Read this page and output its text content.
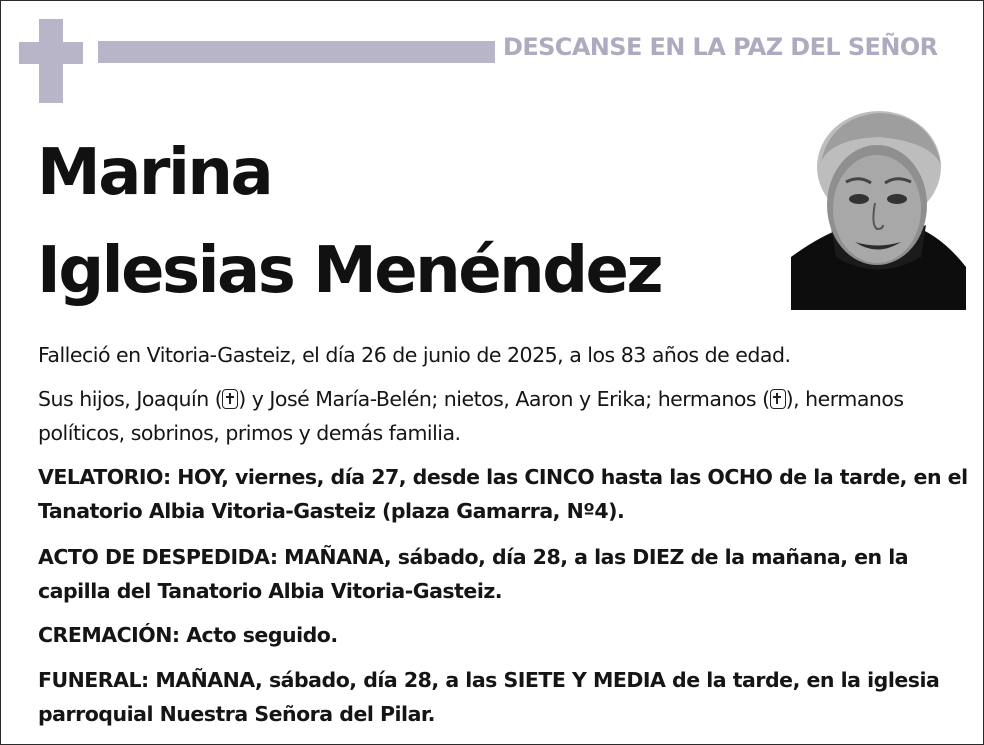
DESCANSE EN LA PAZ DEL SEÑOR
Marina
Iglesias Menéndez

Falleció en Vitoria-Gasteiz, el día 26 de junio de 2025, a los 83 años de edad.

Sus hijos, Joaquín ( ) y José María-Belén; nietos, Aaron y Erika; hermanos ( ), hermanos políticos, sobrinos, primos y demás familia.

VELATORIO: HOY, viernes, día 27, desde las CINCO hasta las OCHO de la tarde, en el Tanatorio Albia Vitoria-Gasteiz (plaza Gamarra, Nº4).

ACTO DE DESPEDIDA: MAÑANA, sábado, día 28, a las DIEZ de la mañana, en la capilla del Tanatorio Albia Vitoria-Gasteiz.

CREMACIÓN: Acto seguido.

FUNERAL: MAÑANA, sábado, día 28, a las SIETE Y MEDIA de la tarde, en la iglesia parroquial Nuestra Señora del Pilar.
